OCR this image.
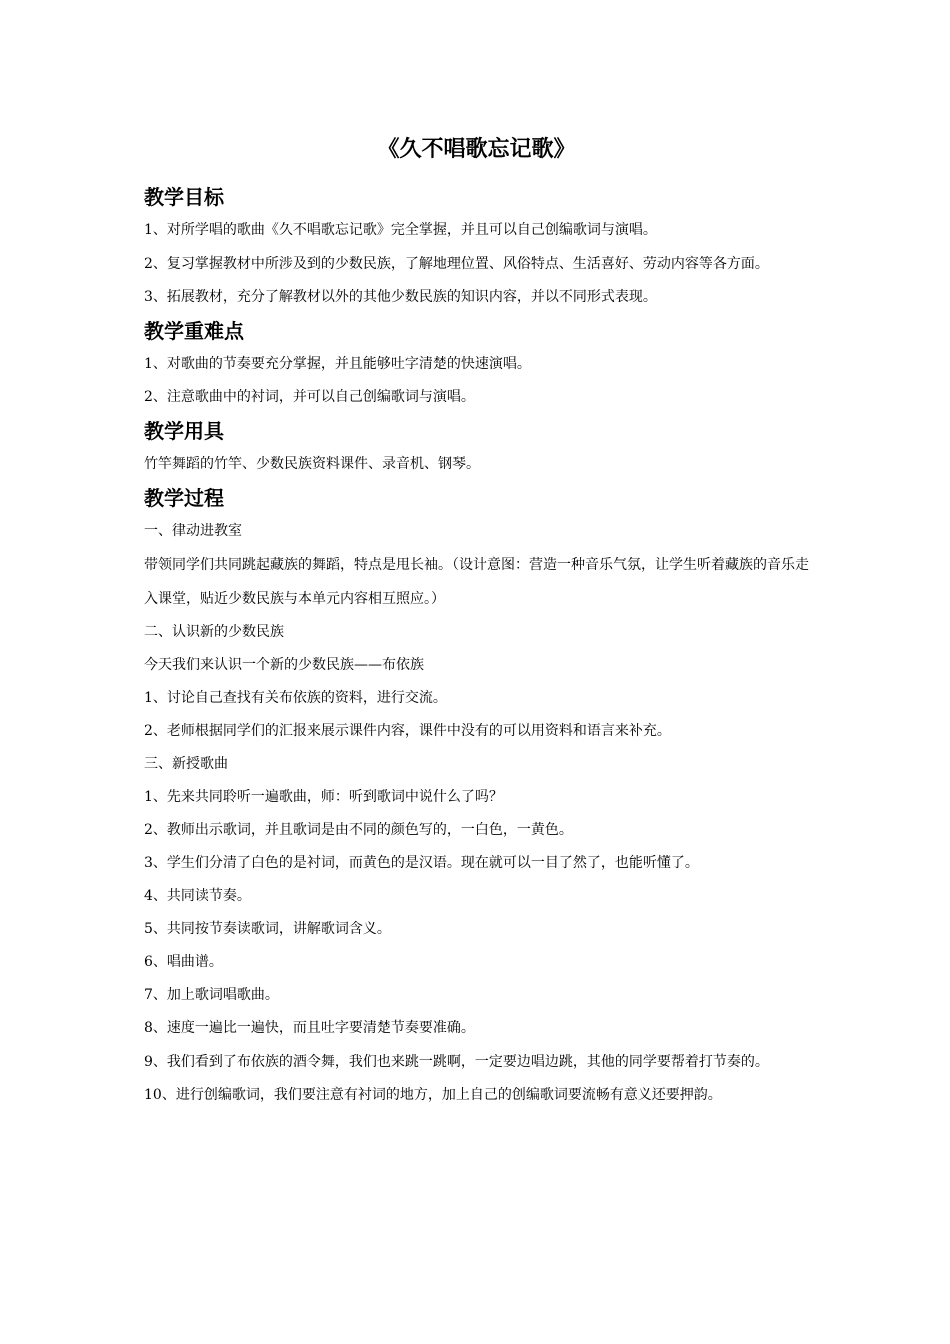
《久不唱歌忘记歌》
教学目标

1、对所学唱的歌曲《久不唱歌忘记歌》完全掌握，并且可以自己创编歌词与演唱。

2、复习掌握教材中所涉及到的少数民族，了解地理位置、风俗特点、生活喜好、劳动内容等各方面。

3、拓展教材，充分了解教材以外的其他少数民族的知识内容，并以不同形式表现。

教学重难点

1、对歌曲的节奏要充分掌握，并且能够吐字清楚的快速演唱。

2、注意歌曲中的衬词，并可以自己创编歌词与演唱。

教学用具

竹竿舞蹈的竹竿、少数民族资料课件、录音机、钢琴。

教学过程

一、律动进教室

带领同学们共同跳起藏族的舞蹈，特点是甩长袖。（设计意图：营造一种音乐气氛，让学生听着藏族的音乐走入课堂，贴近少数民族与本单元内容相互照应。）

二、认识新的少数民族

今天我们来认识一个新的少数民族——布依族

1、讨论自己查找有关布依族的资料，进行交流。

2、老师根据同学们的汇报来展示课件内容，课件中没有的可以用资料和语言来补充。

三、新授歌曲

1、先来共同聆听一遍歌曲，师：听到歌词中说什么了吗？

2、教师出示歌词，并且歌词是由不同的颜色写的，一白色，一黄色。

3、学生们分清了白色的是衬词，而黄色的是汉语。现在就可以一目了然了，也能听懂了。

4、共同读节奏。

5、共同按节奏读歌词，讲解歌词含义。

6、唱曲谱。

7、加上歌词唱歌曲。

8、速度一遍比一遍快，而且吐字要清楚节奏要准确。

9、我们看到了布依族的酒令舞，我们也来跳一跳啊，一定要边唱边跳，其他的同学要帮着打节奏的。

10、进行创编歌词，我们要注意有衬词的地方，加上自己的创编歌词要流畅有意义还要押韵。
